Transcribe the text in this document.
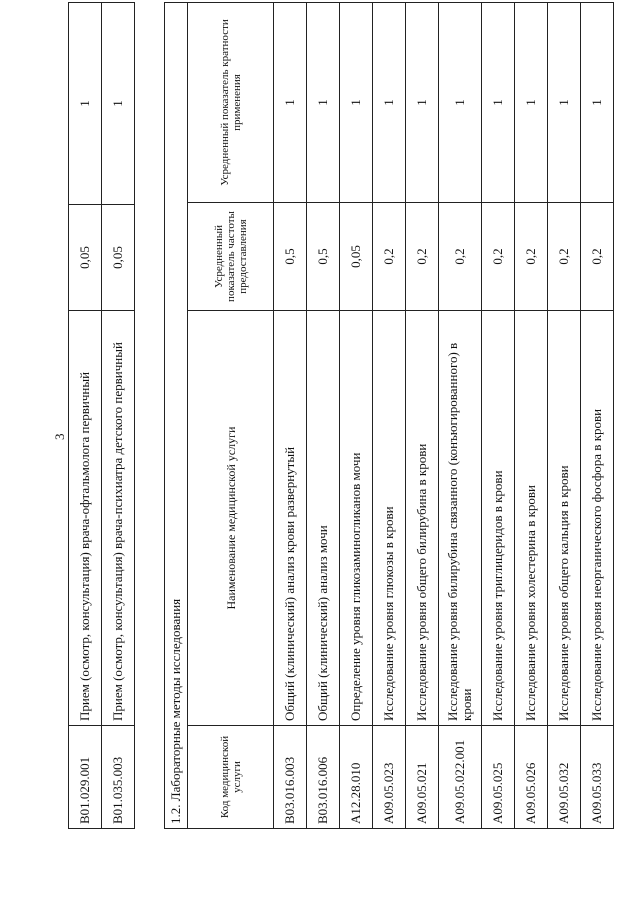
3
B01.029.001	Прием (осмотр, консультация) врача-офтальмолога первичный	0,05	1
B01.035.003	Прием (осмотр, консультация) врача-психиатра детского первичный	0,05	1
1.2. Лабораторные методы исследования			
Код медицинской услуги	Наименование медицинской услуги	Усредненный показатель частоты предоставления	Усредненный показатель кратности применения
B03.016.003	Общий (клинический) анализ крови развернутый	0,5	1
B03.016.006	Общий (клинический) анализ мочи	0,5	1
A12.28.010	Определение уровня гликозаминогликанов мочи	0,05	1
A09.05.023	Исследование уровня глюкозы в крови	0,2	1
A09.05.021	Исследование уровня общего билирубина в крови	0,2	1
A09.05.022.001	Исследование уровня билирубина связанного (конъюгированного) в крови	0,2	1
A09.05.025	Исследование уровня триглицеридов в крови	0,2	1
A09.05.026	Исследование уровня холестерина в крови	0,2	1
A09.05.032	Исследование уровня общего кальция в крови	0,2	1
A09.05.033	Исследование уровня неорганического фосфора в крови	0,2	1
